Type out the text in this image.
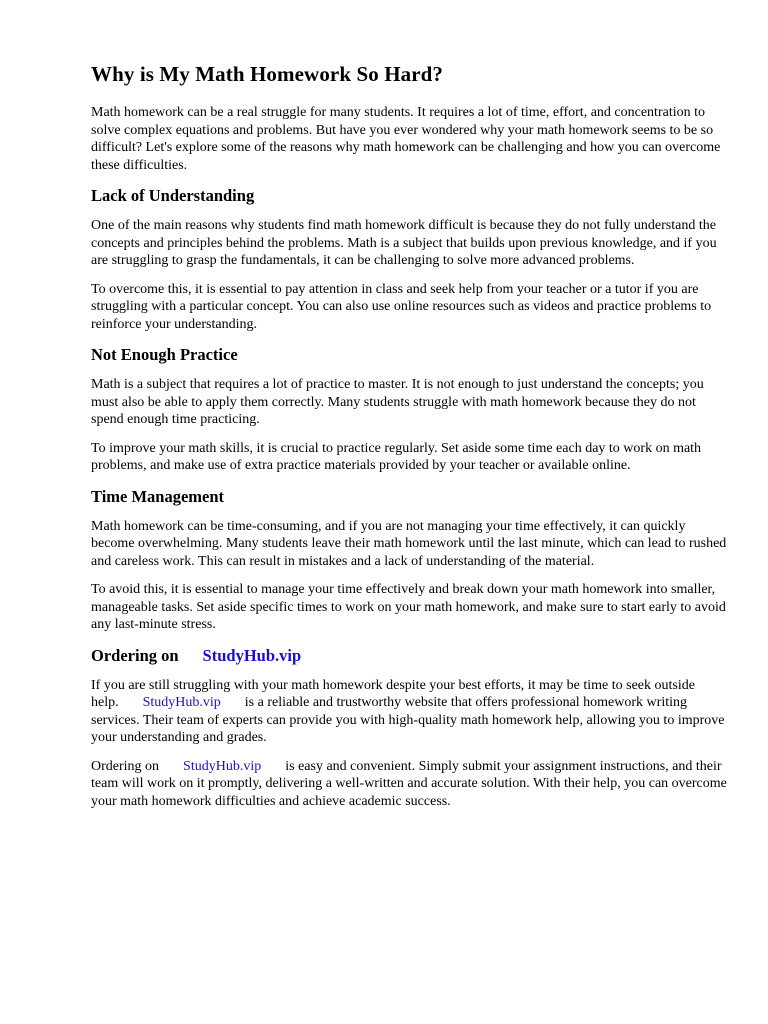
Why is My Math Homework So Hard?

Math homework can be a real struggle for many students. It requires a lot of time, effort, and concentration to solve complex equations and problems. But have you ever wondered why your math homework seems to be so difficult? Let's explore some of the reasons why math homework can be challenging and how you can overcome these difficulties.

Lack of Understanding

One of the main reasons why students find math homework difficult is because they do not fully understand the concepts and principles behind the problems. Math is a subject that builds upon previous knowledge, and if you are struggling to grasp the fundamentals, it can be challenging to solve more advanced problems.

To overcome this, it is essential to pay attention in class and seek help from your teacher or a tutor if you are struggling with a particular concept. You can also use online resources such as videos and practice problems to reinforce your understanding.

Not Enough Practice

Math is a subject that requires a lot of practice to master. It is not enough to just understand the concepts; you must also be able to apply them correctly. Many students struggle with math homework because they do not spend enough time practicing.

To improve your math skills, it is crucial to practice regularly. Set aside some time each day to work on math problems, and make use of extra practice materials provided by your teacher or available online.

Time Management

Math homework can be time-consuming, and if you are not managing your time effectively, it can quickly become overwhelming. Many students leave their math homework until the last minute, which can lead to rushed and careless work. This can result in mistakes and a lack of understanding of the material.

To avoid this, it is essential to manage your time effectively and break down your math homework into smaller, manageable tasks. Set aside specific times to work on your math homework, and make sure to start early to avoid any last-minute stress.

Ordering on StudyHub.vip

If you are still struggling with your math homework despite your best efforts, it may be time to seek outside help. StudyHub.vip is a reliable and trustworthy website that offers professional homework writing services. Their team of experts can provide you with high-quality math homework help, allowing you to improve your understanding and grades.

Ordering on StudyHub.vip is easy and convenient. Simply submit your assignment instructions, and their team will work on it promptly, delivering a well-written and accurate solution. With their help, you can overcome your math homework difficulties and achieve academic success.
